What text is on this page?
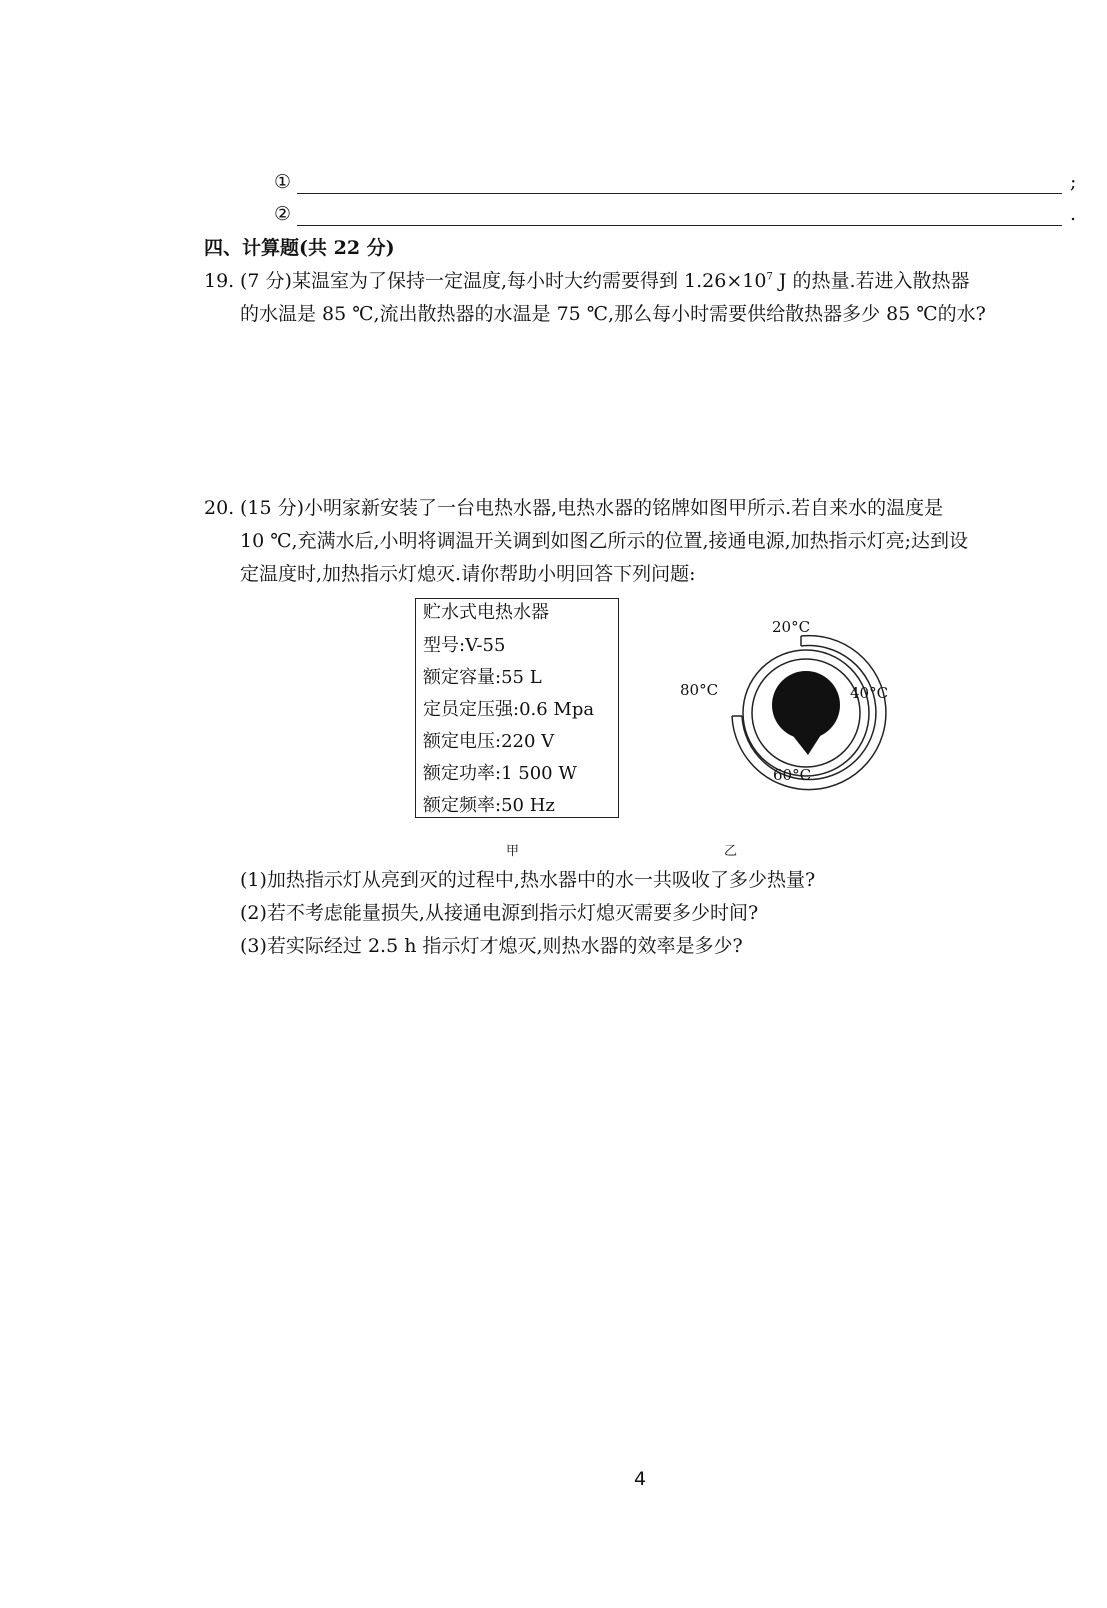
①	;
②	.
四、计算题(共 22 分)
19. (7 分)某温室为了保持一定温度,每小时大约需要得到 $1.26\times 10^7$ J 的热量.若进入散热器
的水温是 85 ℃,流出散热器的水温是 75 ℃,那么每小时需要供给散热器多少 85 ℃的水?
20. (15 分)小明家新安装了一台电热水器,电热水器的铭牌如图甲所示.若自来水的温度是
10 ℃,充满水后,小明将调温开关调到如图乙所示的位置,接通电源,加热指示灯亮;达到设
定温度时,加热指示灯熄灭.请你帮助小明回答下列问题:
贮水式电热水器
型号:V-55
额定容量:55 L
定员定压强:0.6 Mpa
额定电压:220 V
额定功率:1 500 W
额定频率:50 Hz
20°C
40°C
60°C
80°C
甲	乙
(1)加热指示灯从亮到灭的过程中,热水器中的水一共吸收了多少热量?
(2)若不考虑能量损失,从接通电源到指示灯熄灭需要多少时间?
(3)若实际经过 2.5 h 指示灯才熄灭,则热水器的效率是多少?
4
